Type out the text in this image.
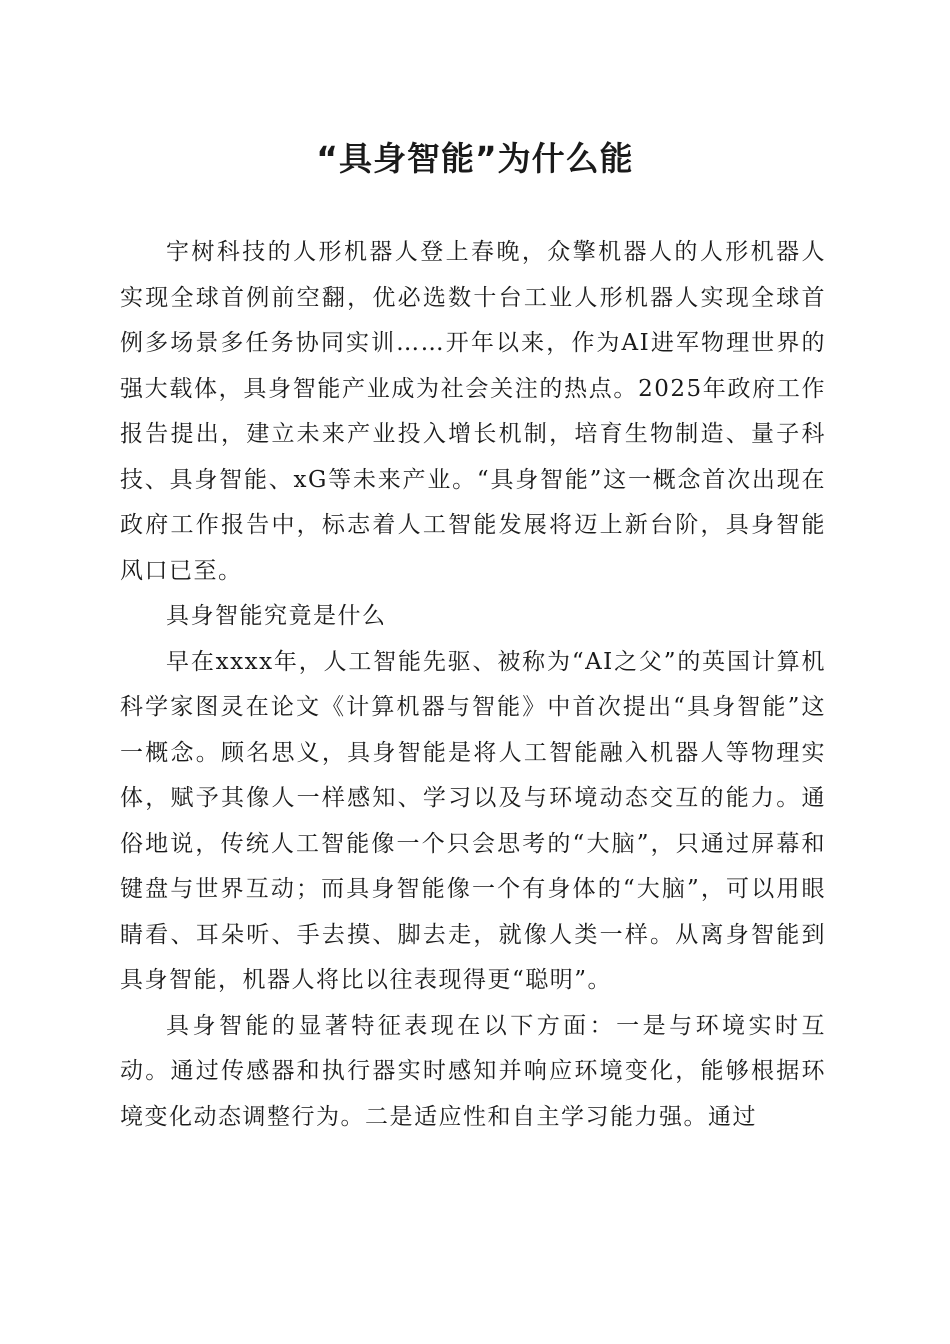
“具身智能”为什么能

宇树科技的人形机器人登上春晚，众擎机器人的人形机器人实现全球首例前空翻，优必选数十台工业人形机器人实现全球首例多场景多任务协同实训……开年以来，作为AI进军物理世界的强大载体，具身智能产业成为社会关注的热点。2025年政府工作报告提出，建立未来产业投入增长机制，培育生物制造、量子科技、具身智能、xG等未来产业。“具身智能”这一概念首次出现在政府工作报告中，标志着人工智能发展将迈上新台阶，具身智能风口已至。

具身智能究竟是什么

早在xxxx年，人工智能先驱、被称为“AI之父”的英国计算机科学家图灵在论文《计算机器与智能》中首次提出“具身智能”这一概念。顾名思义，具身智能是将人工智能融入机器人等物理实体，赋予其像人一样感知、学习以及与环境动态交互的能力。通俗地说，传统人工智能像一个只会思考的“大脑”，只通过屏幕和键盘与世界互动；而具身智能像一个有身体的“大脑”，可以用眼睛看、耳朵听、手去摸、脚去走，就像人类一样。从离身智能到具身智能，机器人将比以往表现得更“聪明”。

具身智能的显著特征表现在以下方面：一是与环境实时互动。通过传感器和执行器实时感知并响应环境变化，能够根据环境变化动态调整行为。二是适应性和自主学习能力强。通过
